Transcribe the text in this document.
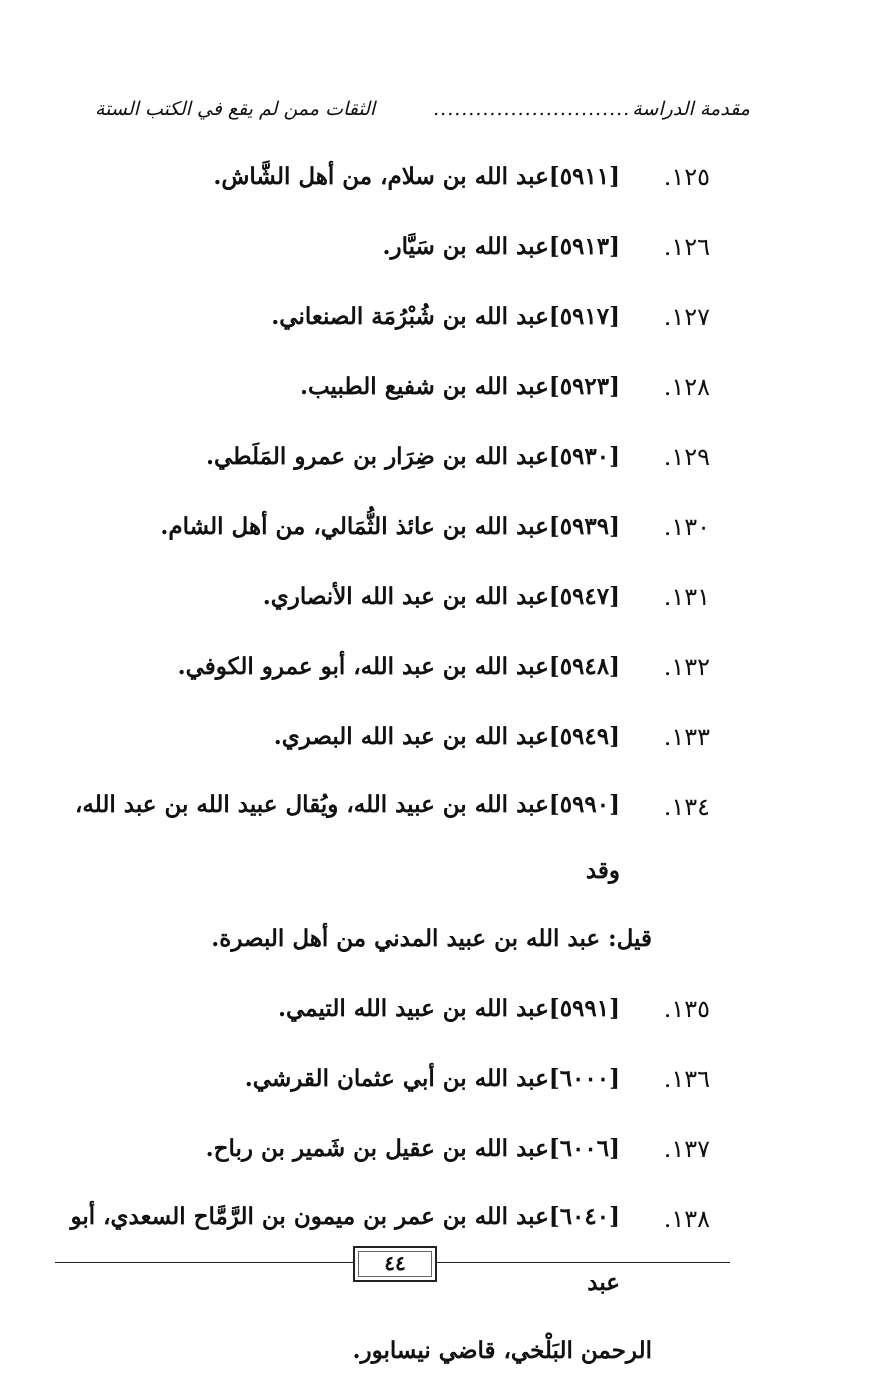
مقدمة الدراسة
............................
الثقات ممن لم يقع في الكتب الستة
١٢٥.
[٥٩١١]عبد الله بن سلام، من أهل الشَّاش.
١٢٦.
[٥٩١٣]عبد الله بن سَيَّار.
١٢٧.
[٥٩١٧]عبد الله بن شُبْرُمَة الصنعاني.
١٢٨.
[٥٩٢٣]عبد الله بن شفيع الطبيب.
١٢٩.
[٥٩٣٠]عبد الله بن ضِرَار بن عمرو المَلَطي.
١٣٠.
[٥٩٣٩]عبد الله بن عائذ الثُّمَالي، من أهل الشام.
١٣١.
[٥٩٤٧]عبد الله بن عبد الله الأنصاري.
١٣٢.
[٥٩٤٨]عبد الله بن عبد الله، أبو عمرو الكوفي.
١٣٣.
[٥٩٤٩]عبد الله بن عبد الله البصري.
١٣٤.
[٥٩٩٠]عبد الله بن عبيد الله، ويُقال عبيد الله بن عبد الله، وقد
قيل: عبد الله بن عبيد المدني من أهل البصرة.
١٣٥.
[٥٩٩١]عبد الله بن عبيد الله التيمي.
١٣٦.
[٦٠٠٠]عبد الله بن أبي عثمان القرشي.
١٣٧.
[٦٠٠٦]عبد الله بن عقيل بن شَمير بن رباح.
١٣٨.
[٦٠٤٠]عبد الله بن عمر بن ميمون بن الرَّمَّاح السعدي، أبو عبد
الرحمن البَلْخي، قاضي نيسابور.
٤٤
